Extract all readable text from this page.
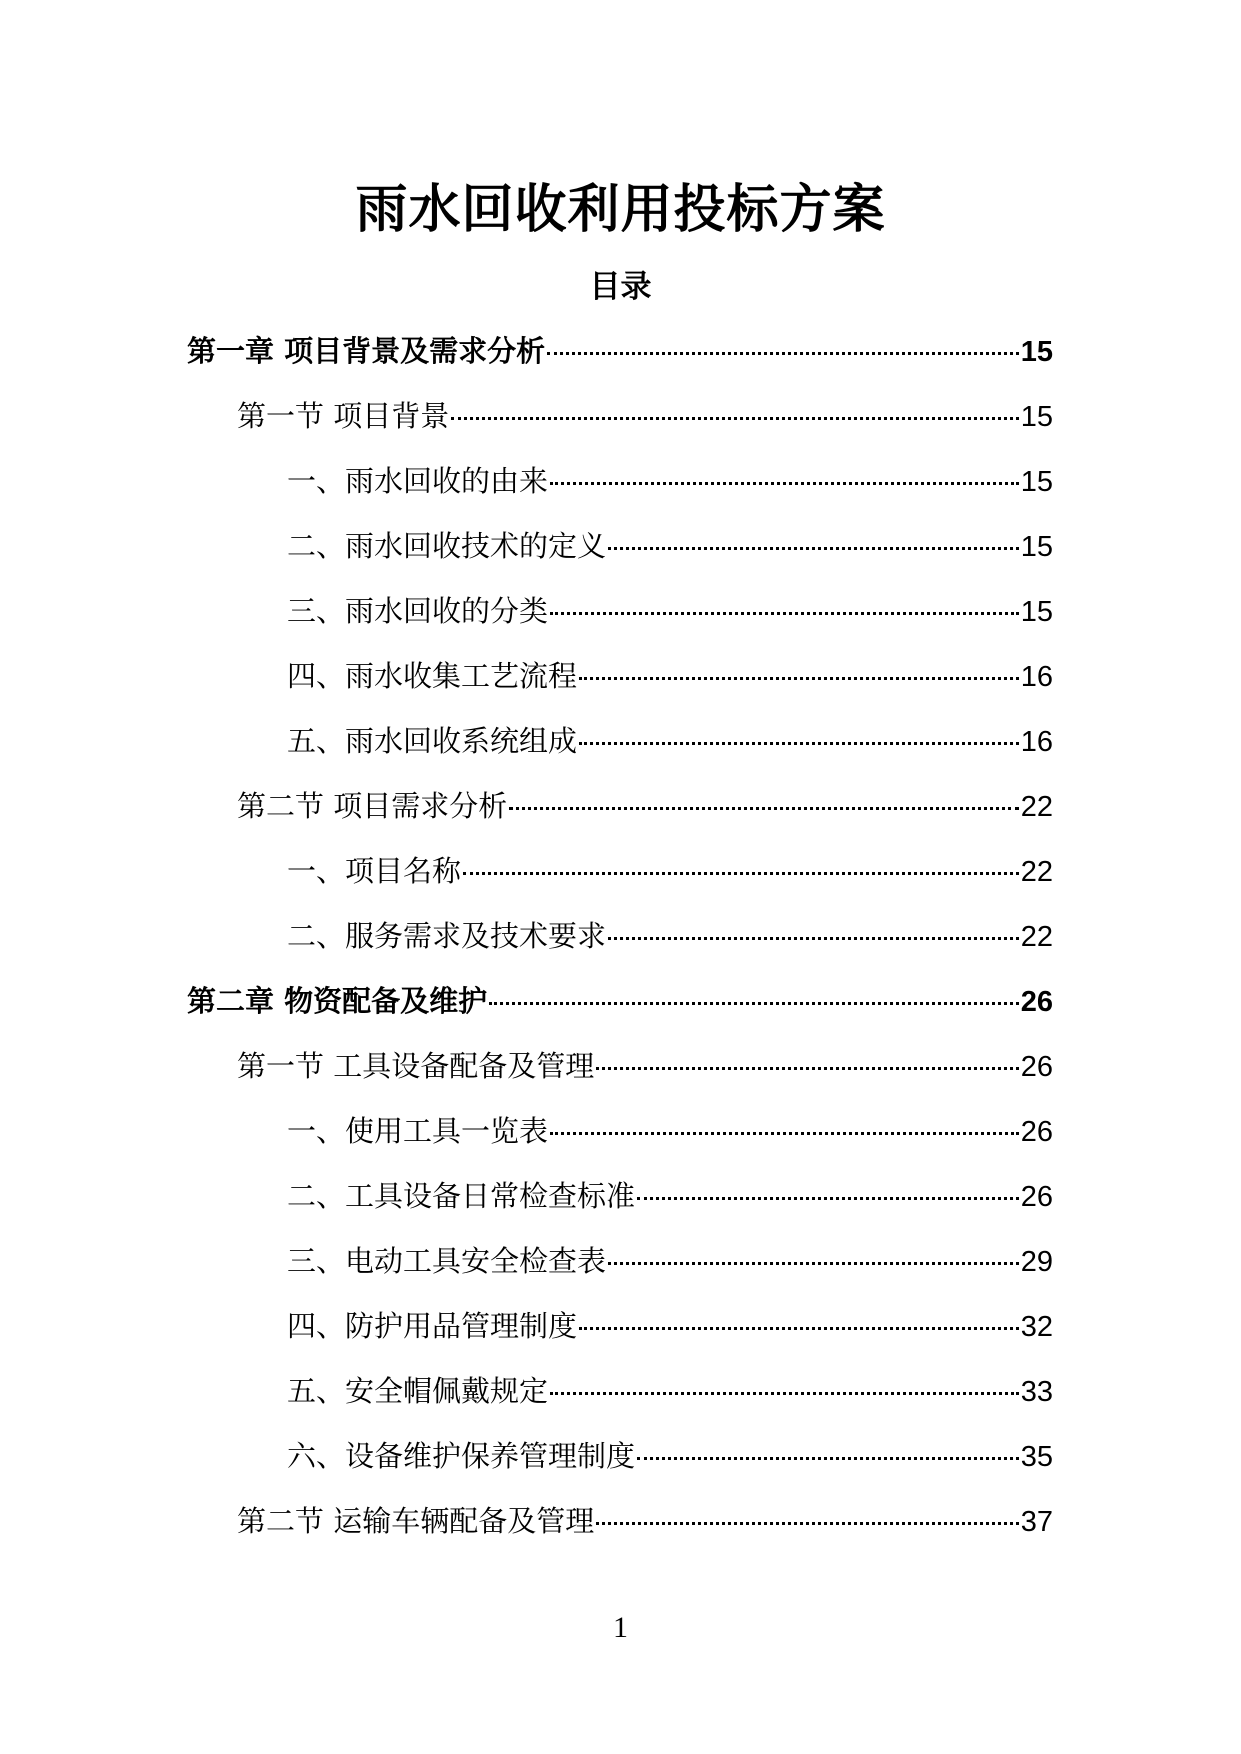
雨水回收利用投标方案
目录
第一章 项目背景及需求分析	15
第一节 项目背景	15
一、雨水回收的由来	15
二、雨水回收技术的定义	15
三、雨水回收的分类	15
四、雨水收集工艺流程	16
五、雨水回收系统组成	16
第二节 项目需求分析	22
一、项目名称	22
二、服务需求及技术要求	22
第二章 物资配备及维护	26
第一节 工具设备配备及管理	26
一、使用工具一览表	26
二、工具设备日常检查标准	26
三、电动工具安全检查表	29
四、防护用品管理制度	32
五、安全帽佩戴规定	33
六、设备维护保养管理制度	35
第二节 运输车辆配备及管理	37
1
